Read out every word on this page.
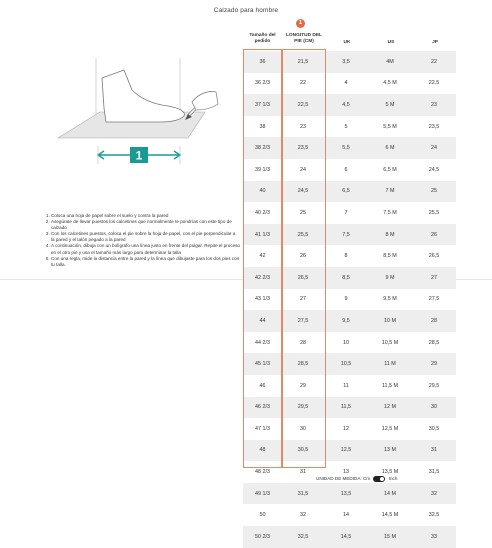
Calzado para hombre
1
1. Coloca una hoja de papel sobre el suelo y contra la pared
2. Asegúrate de llevar puestos los calcetines que normalmente te pondrías con este tipo de calzado
3. Con los calcetines puestos, coloca el pie sobre la hoja de papel, con el pie perpendicular a la pared y el talón pegado a la pared
4. A continuación, dibuja con un bolígrafo una línea justo en frente del pulgar. Repite el proceso en el otro pie y usa el tamaño más largo para determinar la talla
5. Con una regla, mide la distancia entre la pared y la línea que dibujaste para los dos pies con tu talla.
1
Tamaño del
pedido
LONGITUD DEL
PIE (CM)	UK	US	JP
36	21,5	3,5	4M	22
36 2/3	22	4	4,5 M	22,5
37 1/3	22,5	4,5	5 M	23
38	23	5	5,5 M	23,5
38 2/3	23,5	5,5	6 M	24
39 1/3	24	6	6,5 M	24,5
40	24,5	6,5	7 M	25
40 2/3	25	7	7,5 M	25,5
41 1/3	25,5	7,5	8 M	26
42	26	8	8,5 M	26,5
42 2/3	26,5	8,5	9 M	27
43 1/3	27	9	9,5 M	27,5
44	27,5	9,5	10 M	28
44 2/3	28	10	10,5 M	28,5
45 1/3	28,5	10,5	11 M	29
46	29	11	11,5 M	29,5
46 2/3	29,5	11,5	12 M	30
47 1/3	30	12	12,5 M	30,5
48	30,5	12,5	13 M	31
48 2/3	31	13	13,5 M	31,5
49 1/3	31,5	13,5	14 M	32
50	32	14	14,5 M	32,5
50 2/3	32,5	14,5	15 M	33
UNIDAD DE MEDIDA: Cm	Inch
